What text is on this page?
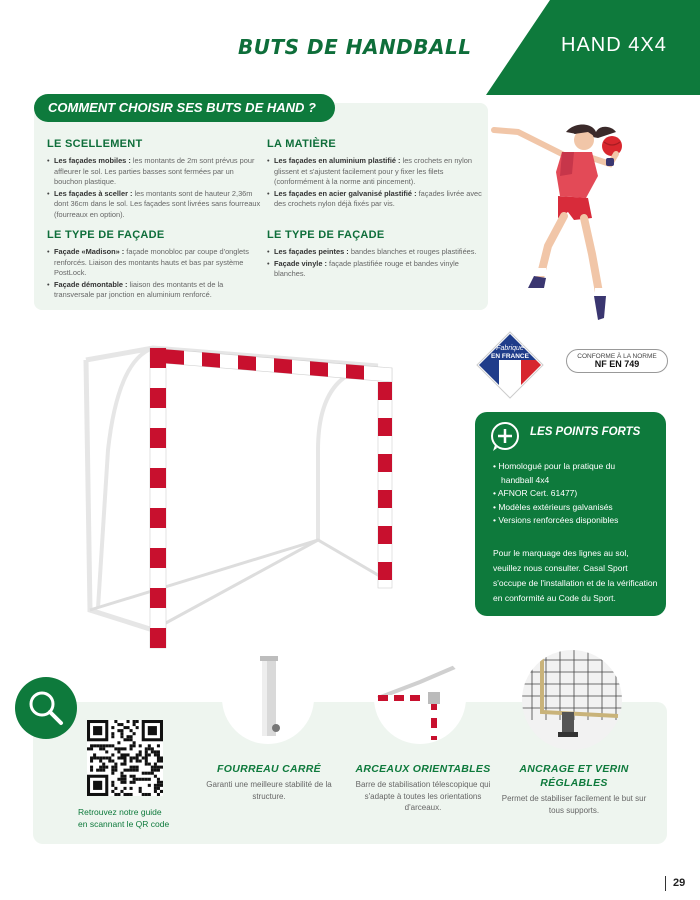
BUTS DE HANDBALL	HAND 4X4
COMMENT CHOISIR SES BUTS DE HAND ?
LE SCELLEMENT
• Les façades mobiles : les montants de 2m sont prévus pour affleurer le sol. Les parties basses sont fermées par un bouchon plastique.
• Les façades à sceller : les montants sont de hauteur 2,36m dont 36cm dans le sol. Les façades sont livrées sans fourreaux (fourreaux en option).
LA MATIÈRE
• Les façades en aluminium plastifié : les crochets en nylon glissent et s'ajustent facilement pour y fixer les filets (conformément à la norme anti pincement).
• Les façades en acier galvanisé plastifié : façades livrée avec des crochets nylon déjà fixés par vis.
LE TYPE DE FAÇADE
• Façade «Madison» : façade monobloc par coupe d'onglets renforcés. Liaison des montants hauts et bas par système PostLock.
• Façade démontable : liaison des montants et de la transversale par jonction en aluminium renforcé.
LE TYPE DE FAÇADE
• Les façades peintes : bandes blanches et rouges plastifiées.
• Façade vinyle : façade plastifiée rouge et bandes vinyle blanches.
Fabriqué
EN FRANCE	CONFORME À LA NORME
NF EN 749
LES POINTS FORTS
• Homologué pour la pratique du
handball 4x4
• AFNOR Cert. 61477)
• Modèles extérieurs galvanisés
• Versions renforcées disponibles
Pour le marquage des lignes au sol, veuillez nous consulter. Casal Sport s'occupe de l'installation et de la vérification en conformité au Code du Sport.
Retrouvez notre guide
en scannant le QR code
FOURREAU CARRÉ
Garanti une meilleure stabilité de la structure.
ARCEAUX ORIENTABLES
Barre de stabilisation télescopique qui s'adapte à toutes les orientations d'arceaux.
ANCRAGE ET VERIN
RÉGLABLES
Permet de stabiliser facilement le but sur tous supports.
29
